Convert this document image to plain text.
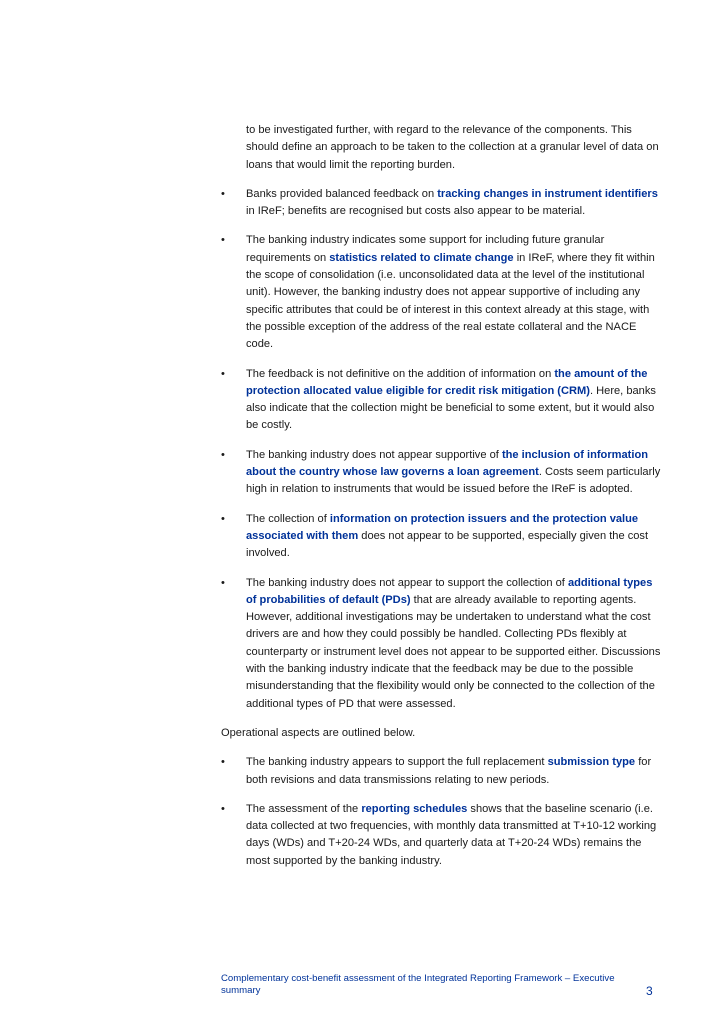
to be investigated further, with regard to the relevance of the components. This should define an approach to be taken to the collection at a granular level of data on loans that would limit the reporting burden.

• Banks provided balanced feedback on tracking changes in instrument identifiers in IReF; benefits are recognised but costs also appear to be material.

• The banking industry indicates some support for including future granular requirements on statistics related to climate change in IReF, where they fit within the scope of consolidation (i.e. unconsolidated data at the level of the institutional unit). However, the banking industry does not appear supportive of including any specific attributes that could be of interest in this context already at this stage, with the possible exception of the address of the real estate collateral and the NACE code.

• The feedback is not definitive on the addition of information on the amount of the protection allocated value eligible for credit risk mitigation (CRM). Here, banks also indicate that the collection might be beneficial to some extent, but it would also be costly.

• The banking industry does not appear supportive of the inclusion of information about the country whose law governs a loan agreement. Costs seem particularly high in relation to instruments that would be issued before the IReF is adopted.

• The collection of information on protection issuers and the protection value associated with them does not appear to be supported, especially given the cost involved.

• The banking industry does not appear to support the collection of additional types of probabilities of default (PDs) that are already available to reporting agents. However, additional investigations may be undertaken to understand what the cost drivers are and how they could possibly be handled. Collecting PDs flexibly at counterparty or instrument level does not appear to be supported either. Discussions with the banking industry indicate that the feedback may be due to the possible misunderstanding that the flexibility would only be connected to the collection of the additional types of PD that were assessed.

Operational aspects are outlined below.

• The banking industry appears to support the full replacement submission type for both revisions and data transmissions relating to new periods.

• The assessment of the reporting schedules shows that the baseline scenario (i.e. data collected at two frequencies, with monthly data transmitted at T+10-12 working days (WDs) and T+20-24 WDs, and quarterly data at T+20-24 WDs) remains the most supported by the banking industry.

Complementary cost-benefit assessment of the Integrated Reporting Framework – Executive summary	3
